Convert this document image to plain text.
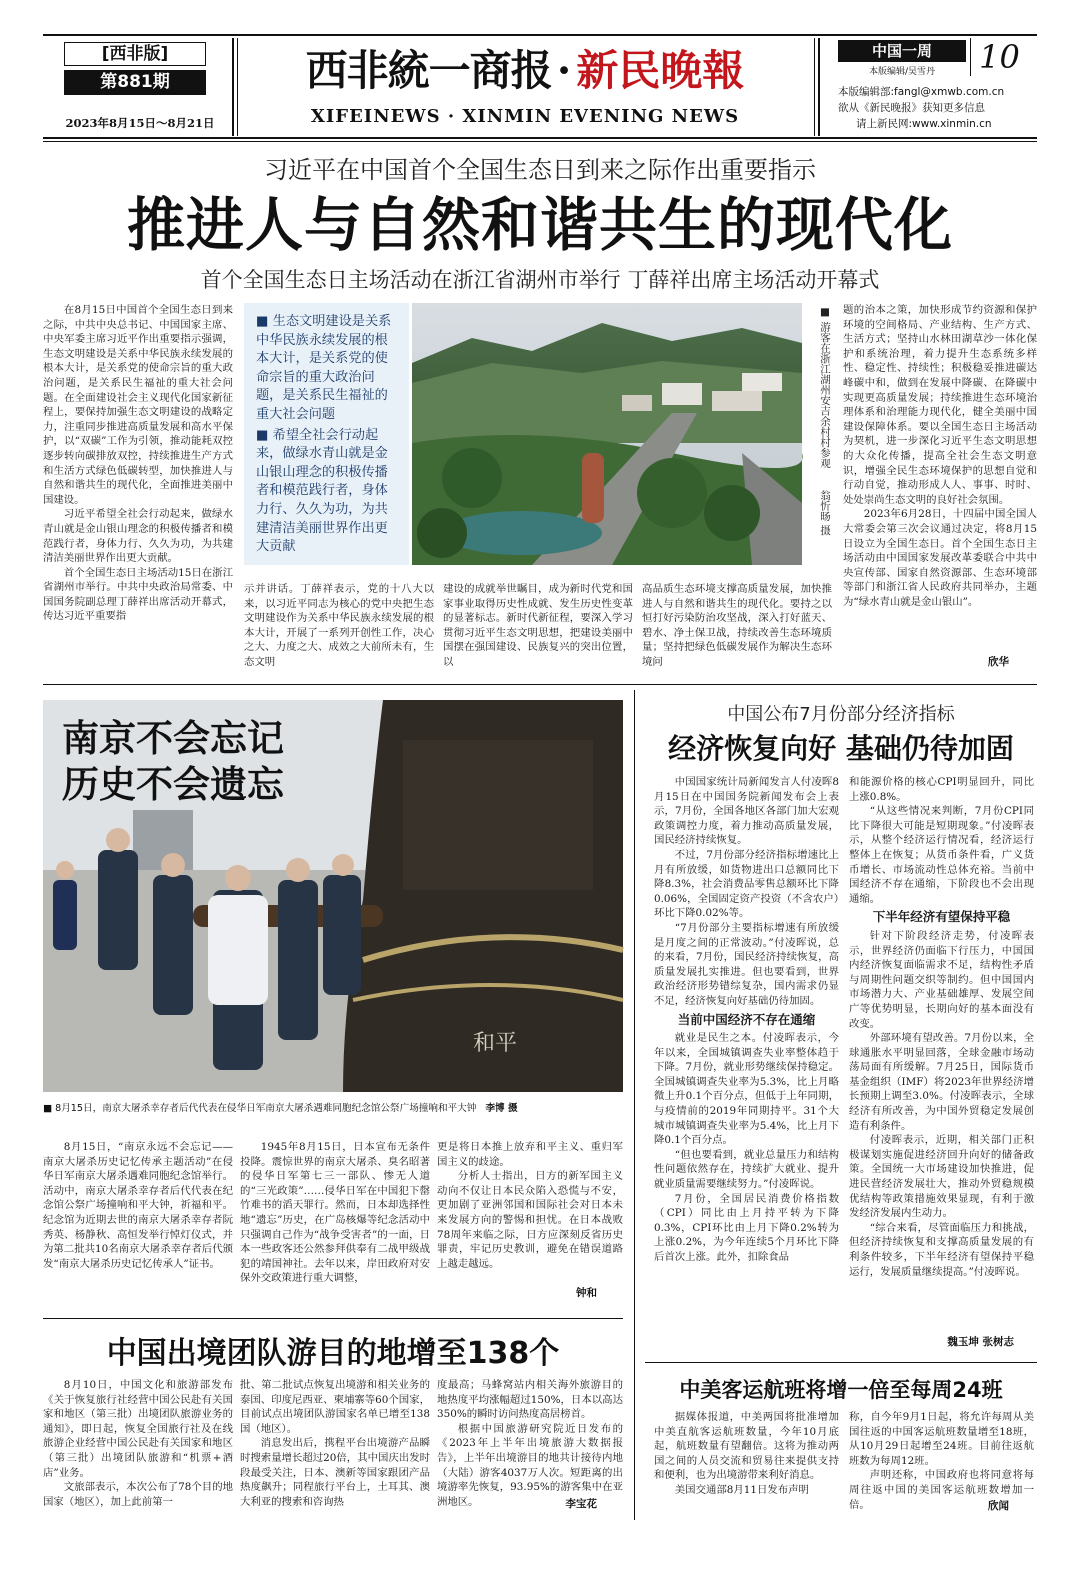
[西非版]
第881期
2023年8月15日～8月21日
西非統一商报 · 新民晚報
XIFEINEWS · XINMIN EVENING NEWS
中国一周	10
本版编辑/吴雪丹
本版编辑部:fangl@xmwb.com.cn
欲从《新民晚报》获知更多信息
请上新民网:www.xinmin.cn
习近平在中国首个全国生态日到来之际作出重要指示
推进人与自然和谐共生的现代化
首个全国生态日主场活动在浙江省湖州市举行 丁薛祥出席主场活动开幕式

在8月15日中国首个全国生态日到来之际，中共中央总书记、中国国家主席、中央军委主席习近平作出重要指示强调，生态文明建设是关系中华民族永续发展的根本大计，是关系党的使命宗旨的重大政治问题，是关系民生福祉的重大社会问题。在全面建设社会主义现代化国家新征程上，要保持加强生态文明建设的战略定力，注重同步推进高质量发展和高水平保护，以“双碳”工作为引领，推动能耗双控逐步转向碳排放双控，持续推进生产方式和生活方式绿色低碳转型，加快推进人与自然和谐共生的现代化，全面推进美丽中国建设。

习近平希望全社会行动起来，做绿水青山就是金山银山理念的积极传播者和模范践行者，身体力行、久久为功，为共建清洁美丽世界作出更大贡献。

首个全国生态日主场活动15日在浙江省湖州市举行。中共中央政治局常委、中国国务院副总理丁薛祥出席活动开幕式，传达习近平重要指

■ 生态文明建设是关系中华民族永续发展的根本大计，是关系党的使命宗旨的重大政治问题，是关系民生福祉的重大社会问题
■ 希望全社会行动起来，做绿水青山就是金山银山理念的积极传播者和模范践行者，身体力行、久久为功，为共建清洁美丽世界作出更大贡献
■ 游客在浙江湖州安吉余村村参观 翁忻旸 摄
示并讲话。丁薛祥表示，党的十八大以来，以习近平同志为核心的党中央把生态文明建设作为关系中华民族永续发展的根本大计，开展了一系列开创性工作，决心之大、力度之大、成效之大前所未有，生态文明
建设的成就举世瞩目，成为新时代党和国家事业取得历史性成就、发生历史性变革的显著标志。新时代新征程，要深入学习贯彻习近平生态文明思想，把建设美丽中国摆在强国建设、民族复兴的突出位置，以
高品质生态环境支撑高质量发展，加快推进人与自然和谐共生的现代化。要持之以恒打好污染防治攻坚战，深入打好蓝天、碧水、净土保卫战，持续改善生态环境质量；坚持把绿色低碳发展作为解决生态环境问
题的治本之策，加快形成节约资源和保护环境的空间格局、产业结构、生产方式、生活方式；坚持山水林田湖草沙一体化保护和系统治理，着力提升生态系统多样性、稳定性、持续性；积极稳妥推进碳达峰碳中和，做到在发展中降碳、在降碳中实现更高质量发展；持续推进生态环境治理体系和治理能力现代化，健全美丽中国建设保障体系。要以全国生态日主场活动为契机，进一步深化习近平生态文明思想的大众化传播，提高全社会生态文明意识，增强全民生态环境保护的思想自觉和行动自觉，推动形成人人、事事、时时、处处崇尚生态文明的良好社会氛围。

2023年6月28日，十四届中国全国人大常委会第三次会议通过决定，将8月15日设立为全国生态日。首个全国生态日主场活动由中国国家发展改革委联合中共中央宣传部、国家自然资源部、生态环境部等部门和浙江省人民政府共同举办，主题为“绿水青山就是金山银山”。

欣华
和平
南京不会忘记
历史不会遗忘
■ 8月15日，南京大屠杀幸存者后代代表在侵华日军南京大屠杀遇难同胞纪念馆公祭广场撞响和平大钟 李博 摄

8月15日，“南京永远不会忘记——南京大屠杀历史记忆传承主题活动”在侵华日军南京大屠杀遇难同胞纪念馆举行。活动中，南京大屠杀幸存者后代代表在纪念馆公祭广场撞响和平大钟，祈福和平。纪念馆为近期去世的南京大屠杀幸存者阮秀英、杨静秋、高恒发举行悼灯仪式，并为第二批共10名南京大屠杀幸存者后代颁发“南京大屠杀历史记忆传承人”证书。

1945年8月15日，日本宣布无条件投降。震惊世界的南京大屠杀、臭名昭著的侵华日军第七三一部队、惨无人道的“三光政策”……侵华日军在中国犯下罄竹难书的滔天罪行。然而，日本却选择性地“遗忘”历史，在广岛核爆等纪念活动中只强调自己作为“战争受害者”的一面，日本一些政客还公然参拜供奉有二战甲级战犯的靖国神社。去年以来，岸田政府对安保外交政策进行重大调整，

更是将日本推上放弃和平主义、重归军国主义的歧途。

分析人士指出，日方的新军国主义动向不仅让日本民众陷入恐慌与不安，更加剧了亚洲邻国和国际社会对日本未来发展方向的警惕和担忧。在日本战败78周年来临之际，日方应深刻反省历史罪责，牢记历史教训，避免在错误道路上越走越远。

钟和
中国出境团队游目的地增至138个

8月10日，中国文化和旅游部发布《关于恢复旅行社经营中国公民赴有关国家和地区（第三批）出境团队旅游业务的通知》，即日起，恢复全国旅行社及在线旅游企业经营中国公民赴有关国家和地区（第三批）出境团队旅游和“机票+酒店”业务。

文旅部表示，本次公布了78个目的地国家（地区），加上此前第一

批、第二批试点恢复出境游和相关业务的泰国、印度尼西亚、柬埔寨等60个国家，目前试点出境团队游国家名单已增至138国（地区）。

消息发出后，携程平台出境游产品瞬时搜索量增长超过20倍，其中国庆出发时段最受关注，日本、澳新等国家跟团产品热度飙升；同程旅行平台上，土耳其、澳大利亚的搜索和咨询热

度最高；马蜂窝站内相关海外旅游目的地热度平均涨幅超过150%，日本以高达350%的瞬时访问热度高居榜首。

根据中国旅游研究院近日发布的《2023年上半年出境旅游大数据报告》，上半年出境游目的地共计接待内地（大陆）游客4037万人次。短距离的出境游率先恢复，93.95%的游客集中在亚洲地区。	李宝花
中国公布7月份部分经济指标
经济恢复向好 基础仍待加固

中国国家统计局新闻发言人付凌晖8月15日在中国国务院新闻发布会上表示，7月份，全国各地区各部门加大宏观政策调控力度，着力推动高质量发展，国民经济持续恢复。

不过，7月份部分经济指标增速比上月有所放缓，如货物进出口总额同比下降8.3%，社会消费品零售总额环比下降0.06%，全国固定资产投资（不含农户）环比下降0.02%等。

“7月份部分主要指标增速有所放缓是月度之间的正常波动。”付凌晖说，总的来看，7月份，国民经济持续恢复，高质量发展扎实推进。但也要看到，世界政治经济形势错综复杂，国内需求仍显不足，经济恢复向好基础仍待加固。

当前中国经济不存在通缩

就业是民生之本。付凌晖表示，今年以来，全国城镇调查失业率整体趋于下降。7月份，就业形势继续保持稳定。全国城镇调查失业率为5.3%，比上月略微上升0.1个百分点，但低于上年同期，与疫情前的2019年同期持平。31个大城市城镇调查失业率为5.4%，比上月下降0.1个百分点。

“但也要看到，就业总量压力和结构性问题依然存在，持续扩大就业、提升就业质量需要继续努力。”付凌晖说。

7月份，全国居民消费价格指数（CPI）同比由上月持平转为下降0.3%，CPI环比由上月下降0.2%转为上涨0.2%，为今年连续5个月环比下降后首次上涨。此外，扣除食品

和能源价格的核心CPI明显回升，同比上涨0.8%。

“从这些情况来判断，7月份CPI同比下降很大可能是短期现象。”付凌晖表示，从整个经济运行情况看，经济运行整体上在恢复；从货币条件看，广义货币增长、市场流动性总体充裕。当前中国经济不存在通缩，下阶段也不会出现通缩。

下半年经济有望保持平稳

针对下阶段经济走势，付凌晖表示，世界经济仍面临下行压力，中国国内经济恢复面临需求不足，结构性矛盾与周期性问题交织等制约。但中国国内市场潜力大、产业基础雄厚、发展空间广等优势明显，长期向好的基本面没有改变。

外部环境有望改善。7月份以来，全球通胀水平明显回落，全球金融市场动荡局面有所缓解。7月25日，国际货币基金组织（IMF）将2023年世界经济增长预期上调至3.0%。付凌晖表示，全球经济有所改善，为中国外贸稳定发展创造有利条件。

付凌晖表示，近期，相关部门正积极谋划实施促进经济回升向好的储备政策。全国统一大市场建设加快推进，促进民营经济发展壮大，推动外贸稳规模优结构等政策措施效果显现，有利于激发经济发展内生动力。

“综合来看，尽管面临压力和挑战，但经济持续恢复和支撑高质量发展的有利条件较多，下半年经济有望保持平稳运行，发展质量继续提高。”付凌晖说。

魏玉坤 张树志
中美客运航班将增一倍至每周24班

据媒体报道，中美两国将批准增加中美直航客运航班数量，今年10月底起，航班数量有望翻倍。这将为推动两国之间的人员交流和贸易往来提供支持和便利，也为出境游带来利好消息。

美国交通部8月11日发布声明

称，自今年9月1日起，将允许每周从美国往返的中国客运航班数量增至18班，从10月29日起增至24班。目前往返航班数为每周12班。

声明还称，中国政府也将同意将每周往返中国的美国客运航班数增加一倍。	欣闻
